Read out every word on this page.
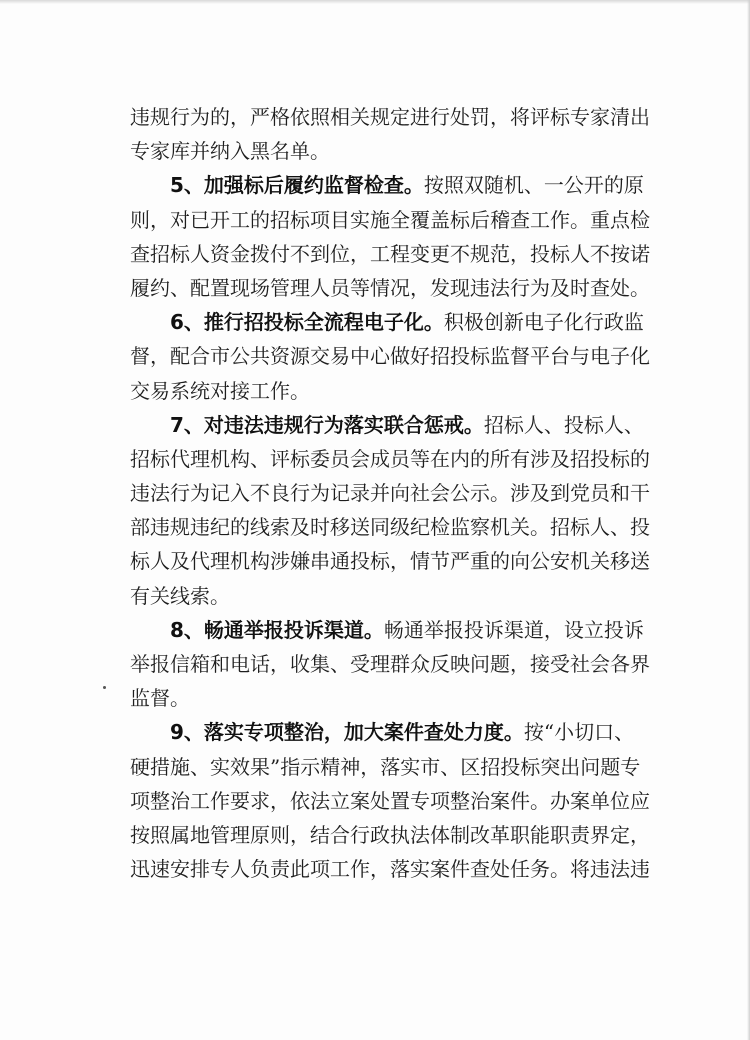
违规行为的，严格依照相关规定进行处罚，将评标专家清出
专家库并纳入黑名单。
5、加强标后履约监督检查。按照双随机、一公开的原
则，对已开工的招标项目实施全覆盖标后稽查工作。重点检
查招标人资金拨付不到位，工程变更不规范，投标人不按诺
履约、配置现场管理人员等情况，发现违法行为及时查处。
6、推行招投标全流程电子化。积极创新电子化行政监
督，配合市公共资源交易中心做好招投标监督平台与电子化
交易系统对接工作。
7、对违法违规行为落实联合惩戒。招标人、投标人、
招标代理机构、评标委员会成员等在内的所有涉及招投标的
违法行为记入不良行为记录并向社会公示。涉及到党员和干
部违规违纪的线索及时移送同级纪检监察机关。招标人、投
标人及代理机构涉嫌串通投标，情节严重的向公安机关移送
有关线索。
8、畅通举报投诉渠道。畅通举报投诉渠道，设立投诉
举报信箱和电话，收集、受理群众反映问题，接受社会各界
监督。
9、落实专项整治，加大案件查处力度。按“小切口、
硬措施、实效果”指示精神，落实市、区招投标突出问题专
项整治工作要求，依法立案处置专项整治案件。办案单位应
按照属地管理原则，结合行政执法体制改革职能职责界定，
迅速安排专人负责此项工作，落实案件查处任务。将违法违
